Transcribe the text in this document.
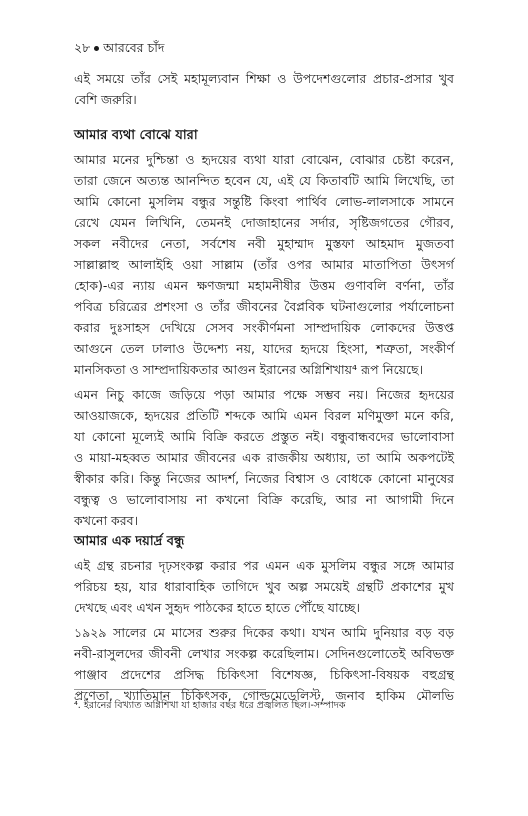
২৮ আরবের চাঁদ
এই সময়ে তাঁর সেই মহামূল্যবান শিক্ষা ও উপদেশগুলোর প্রচার-প্রসার খুব
বেশি জরুরি।
আমার ব্যথা বোঝে যারা
আমার মনের দুশ্চিন্তা ও হৃদয়ের ব্যথা যারা বোঝেন, বোঝার চেষ্টা করেন,
তারা জেনে অত্যন্ত আনন্দিত হবেন যে, এই যে কিতাবটি আমি লিখেছি, তা
আমি কোনো মুসলিম বন্ধুর সন্তুষ্টি কিংবা পার্থিব লোভ-লালসাকে সামনে
রেখে যেমন লিখিনি, তেমনই দোজাহানের সর্দার, সৃষ্টিজগতের গৌরব,
সকল নবীদের নেতা, সর্বশেষ নবী মুহাম্মাদ মুস্তফা আহমাদ মুজতবা
সাল্লাল্লাহু আলাইহি ওয়া সাল্লাম (তাঁর ওপর আমার মাতাপিতা উৎসর্গ
হোক)-এর ন্যায় এমন ক্ষণজন্মা মহামনীষীর উত্তম গুণাবলি বর্ণনা, তাঁর
পবিত্র চরিত্রের প্রশংসা ও তাঁর জীবনের বৈপ্লবিক ঘটনাগুলোর পর্যালোচনা
করার দুঃসাহস দেখিয়ে সেসব সংকীর্ণমনা সাম্প্রদায়িক লোকদের উত্তপ্ত
আগুনে তেল ঢালাও উদ্দেশ্য নয়, যাদের হৃদয়ে হিংসা, শত্রুতা, সংকীর্ণ
মানসিকতা ও সাম্প্রদায়িকতার আগুন ইরানের অগ্নিশিখায়⁴ রূপ নিয়েছে।
এমন নিচু কাজে জড়িয়ে পড়া আমার পক্ষে সম্ভব নয়। নিজের হৃদয়ের
আওয়াজকে, হৃদয়ের প্রতিটি শব্দকে আমি এমন বিরল মণিমুক্তা মনে করি,
যা কোনো মূল্যেই আমি বিক্রি করতে প্রস্তুত নই। বন্ধুবান্ধবদের ভালোবাসা
ও মায়া-মহব্বত আমার জীবনের এক রাজকীয় অধ্যায়, তা আমি অকপটেই
স্বীকার করি। কিন্তু নিজের আদর্শ, নিজের বিশ্বাস ও বোধকে কোনো মানুষের
বন্ধুত্ব ও ভালোবাসায় না কখনো বিক্রি করেছি, আর না আগামী দিনে
কখনো করব।
আমার এক দয়ার্দ্র বন্ধু
এই গ্রন্থ রচনার দৃঢ়সংকল্প করার পর এমন এক মুসলিম বন্ধুর সঙ্গে আমার
পরিচয় হয়, যার ধারাবাহিক তাগিদে খুব অল্প সময়েই গ্রন্থটি প্রকাশের মুখ
দেখছে এবং এখন সুহৃদ পাঠকের হাতে হাতে পৌঁছে যাচ্ছে।
১৯২৯ সালের মে মাসের শুরুর দিকের কথা। যখন আমি দুনিয়ার বড় বড়
নবী-রাসুলদের জীবনী লেখার সংকল্প করেছিলাম। সেদিনগুলোতেই অবিভক্ত
পাঞ্জাব প্রদেশের প্রসিদ্ধ চিকিৎসা বিশেষজ্ঞ, চিকিৎসা-বিষয়ক বহুগ্রন্থ
⁴. ইরানের বিখ্যাত অগ্নিশিখা যা হাজার বছর ধরে প্রজ্বলিত ছিল।-সম্পাদক
প্রণেতা, খ্যাতিমান চিকিৎসক, গোল্ডমেডেলিস্ট, জনাব হাকিম মৌলভি
